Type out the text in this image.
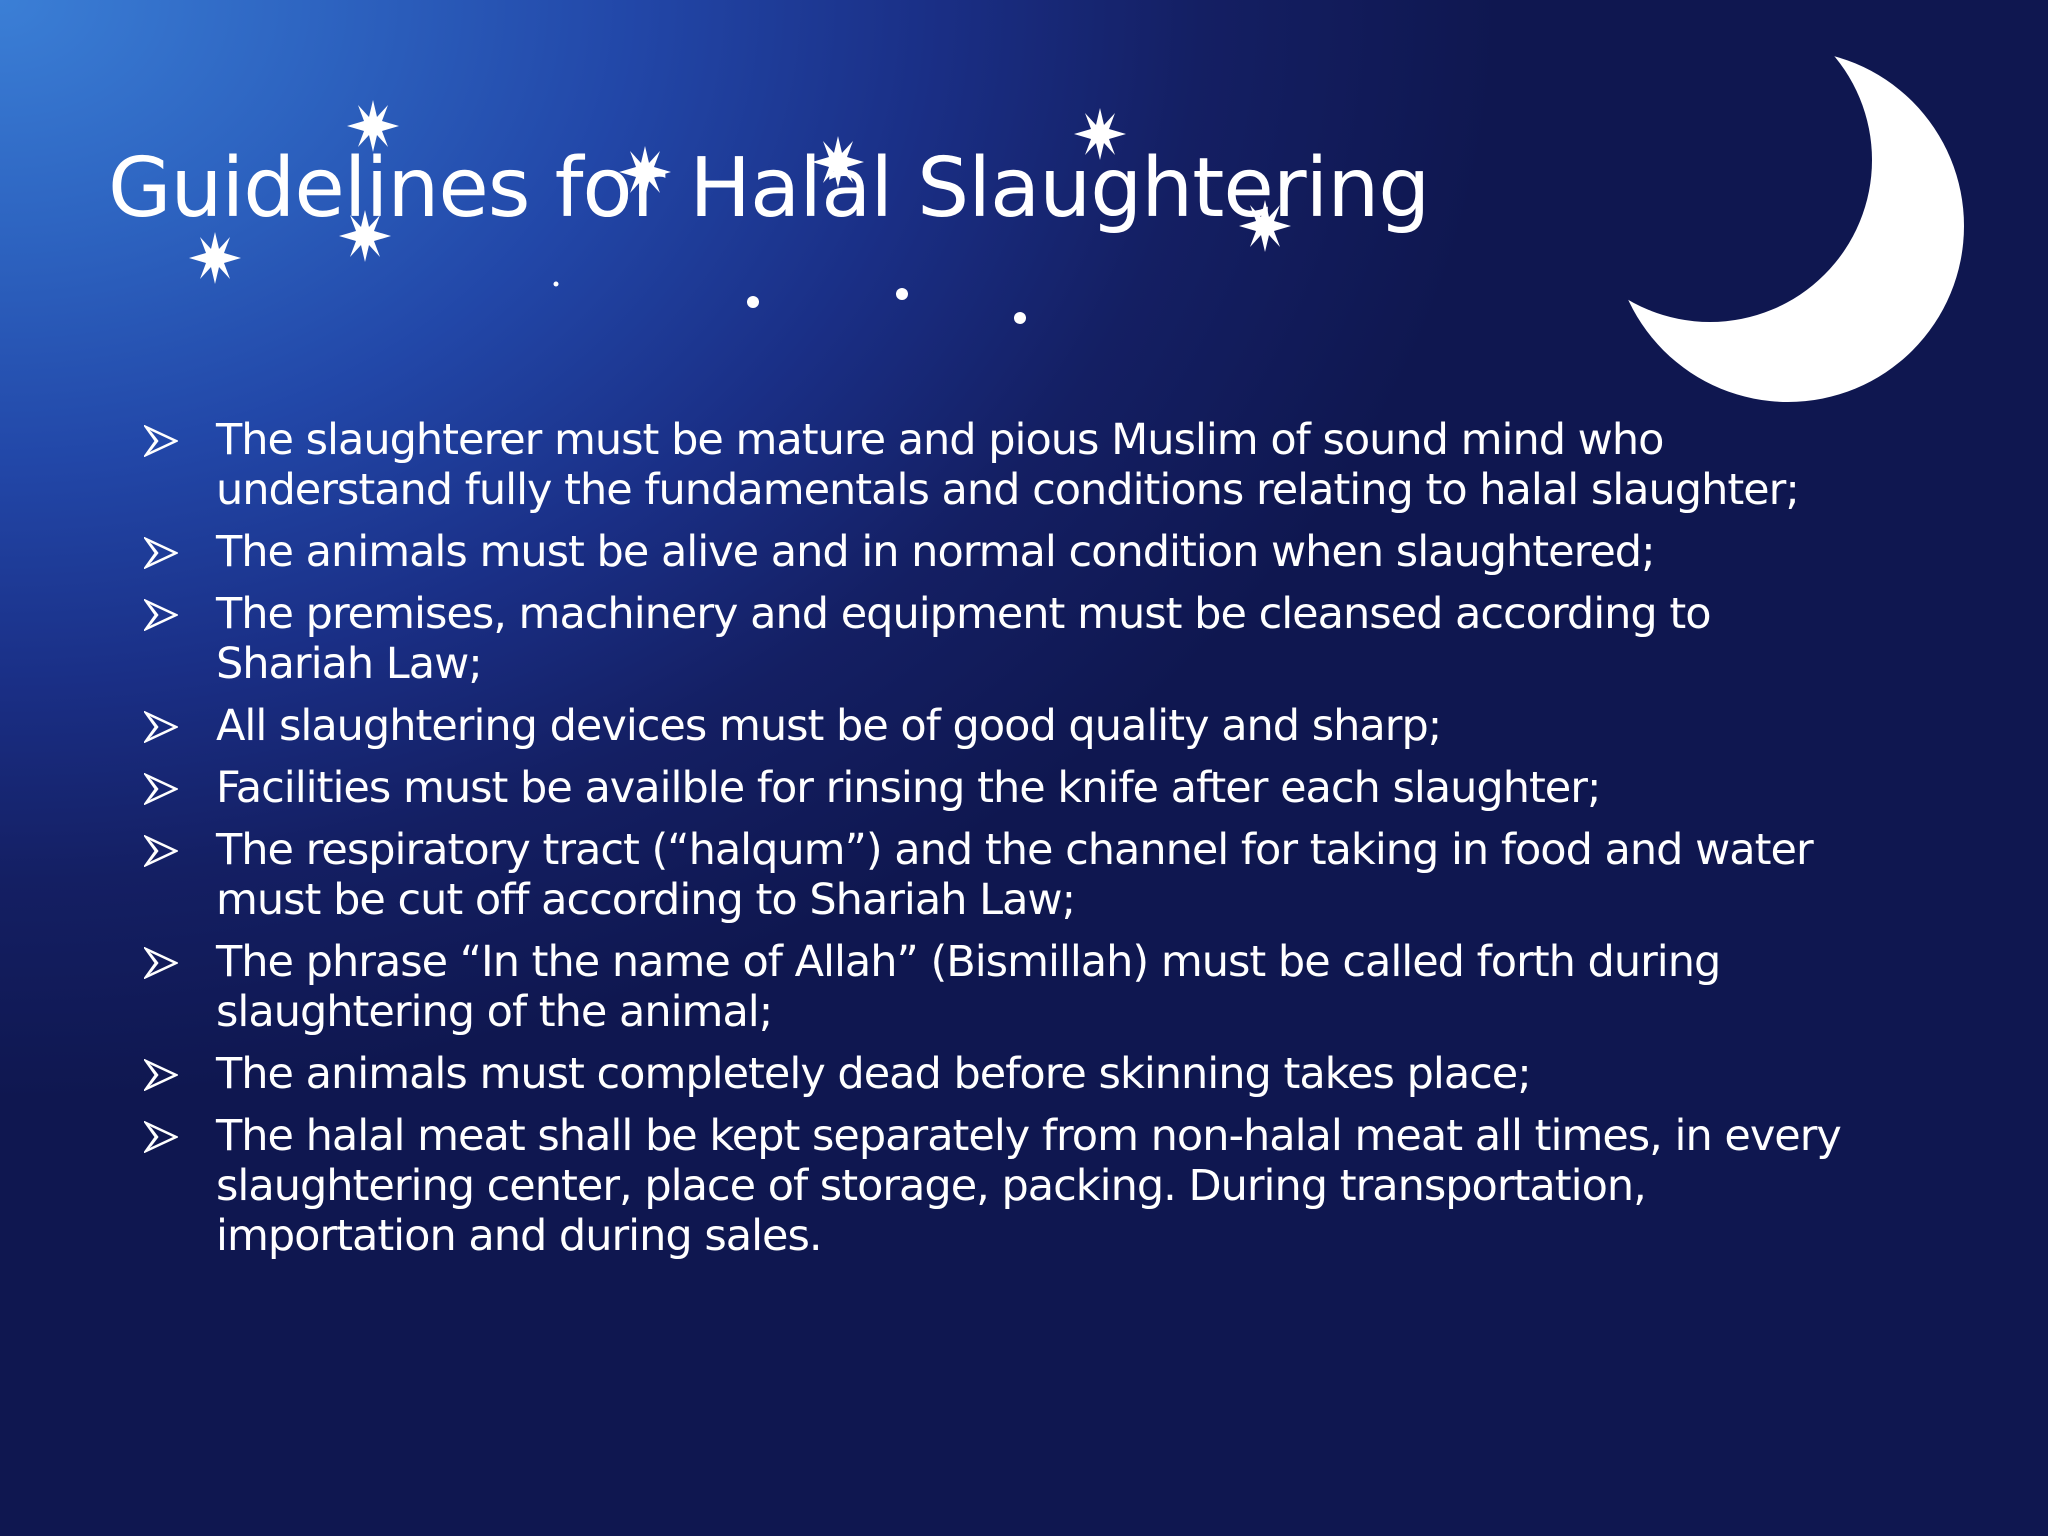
Guidelines for Halal Slaughtering
The slaughterer must be mature and pious Muslim of sound mind who understand fully the fundamentals and conditions relating to halal slaughter;
The animals must be alive and in normal condition when slaughtered;
The premises, machinery and equipment must be cleansed according to Shariah Law;
All slaughtering devices must be of good quality and sharp;
Facilities must be availble for rinsing the knife after each slaughter;
The respiratory tract (“halqum”) and the channel for taking in food and water must be cut off according to Shariah Law;
The phrase “In the name of Allah” (Bismillah) must be called forth during slaughtering of the animal;
The animals must completely dead before skinning takes place;
The halal meat shall be kept separately from non-halal meat all times, in every slaughtering center, place of storage, packing. During transportation, importation and during sales.
